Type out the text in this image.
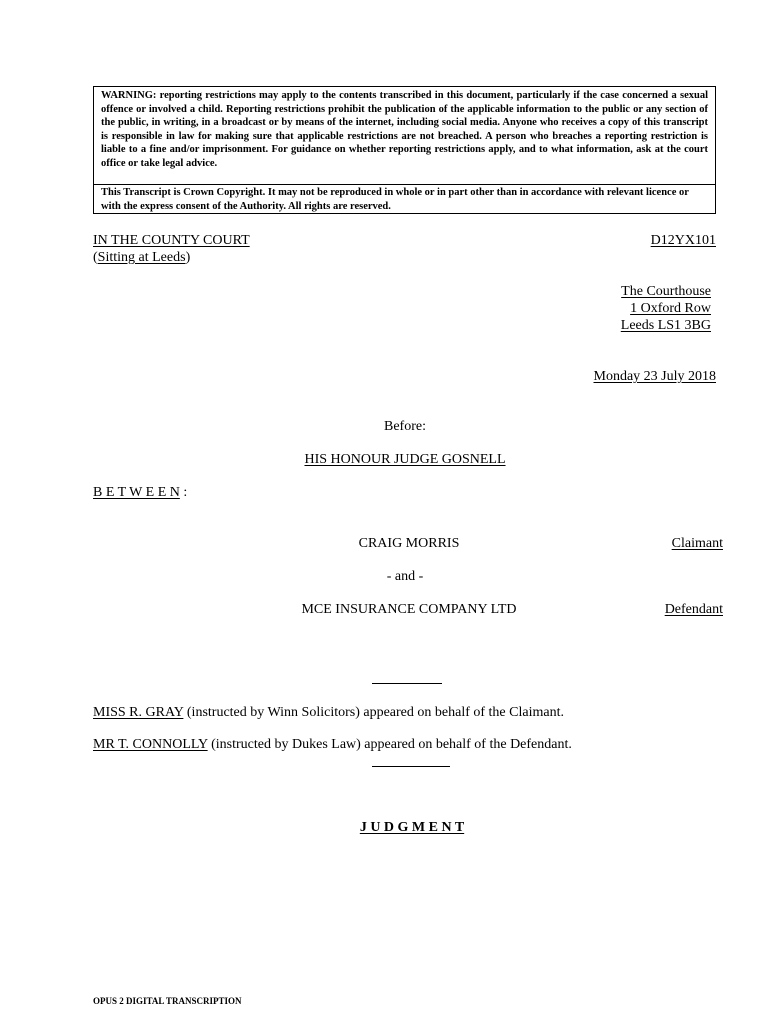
WARNING: reporting restrictions may apply to the contents transcribed in this document, particularly if the case concerned a sexual offence or involved a child. Reporting restrictions prohibit the publication of the applicable information to the public or any section of the public, in writing, in a broadcast or by means of the internet, including social media. Anyone who receives a copy of this transcript is responsible in law for making sure that applicable restrictions are not breached. A person who breaches a reporting restriction is liable to a fine and/or imprisonment. For guidance on whether reporting restrictions apply, and to what information, ask at the court office or take legal advice.
This Transcript is Crown Copyright. It may not be reproduced in whole or in part other than in accordance with relevant licence or with the express consent of the Authority. All rights are reserved.
IN THE COUNTY COURT
(Sitting at Leeds)
D12YX101
The Courthouse
1 Oxford Row
Leeds LS1 3BG
Monday 23 July 2018
Before:
HIS HONOUR JUDGE GOSNELL
B E T W E E N :
CRAIG MORRIS	Claimant
- and -
MCE INSURANCE COMPANY LTD	Defendant
MISS R. GRAY (instructed by Winn Solicitors) appeared on behalf of the Claimant.
MR T. CONNOLLY (instructed by Dukes Law) appeared on behalf of the Defendant.
J U D G M E N T
OPUS 2 DIGITAL TRANSCRIPTION
